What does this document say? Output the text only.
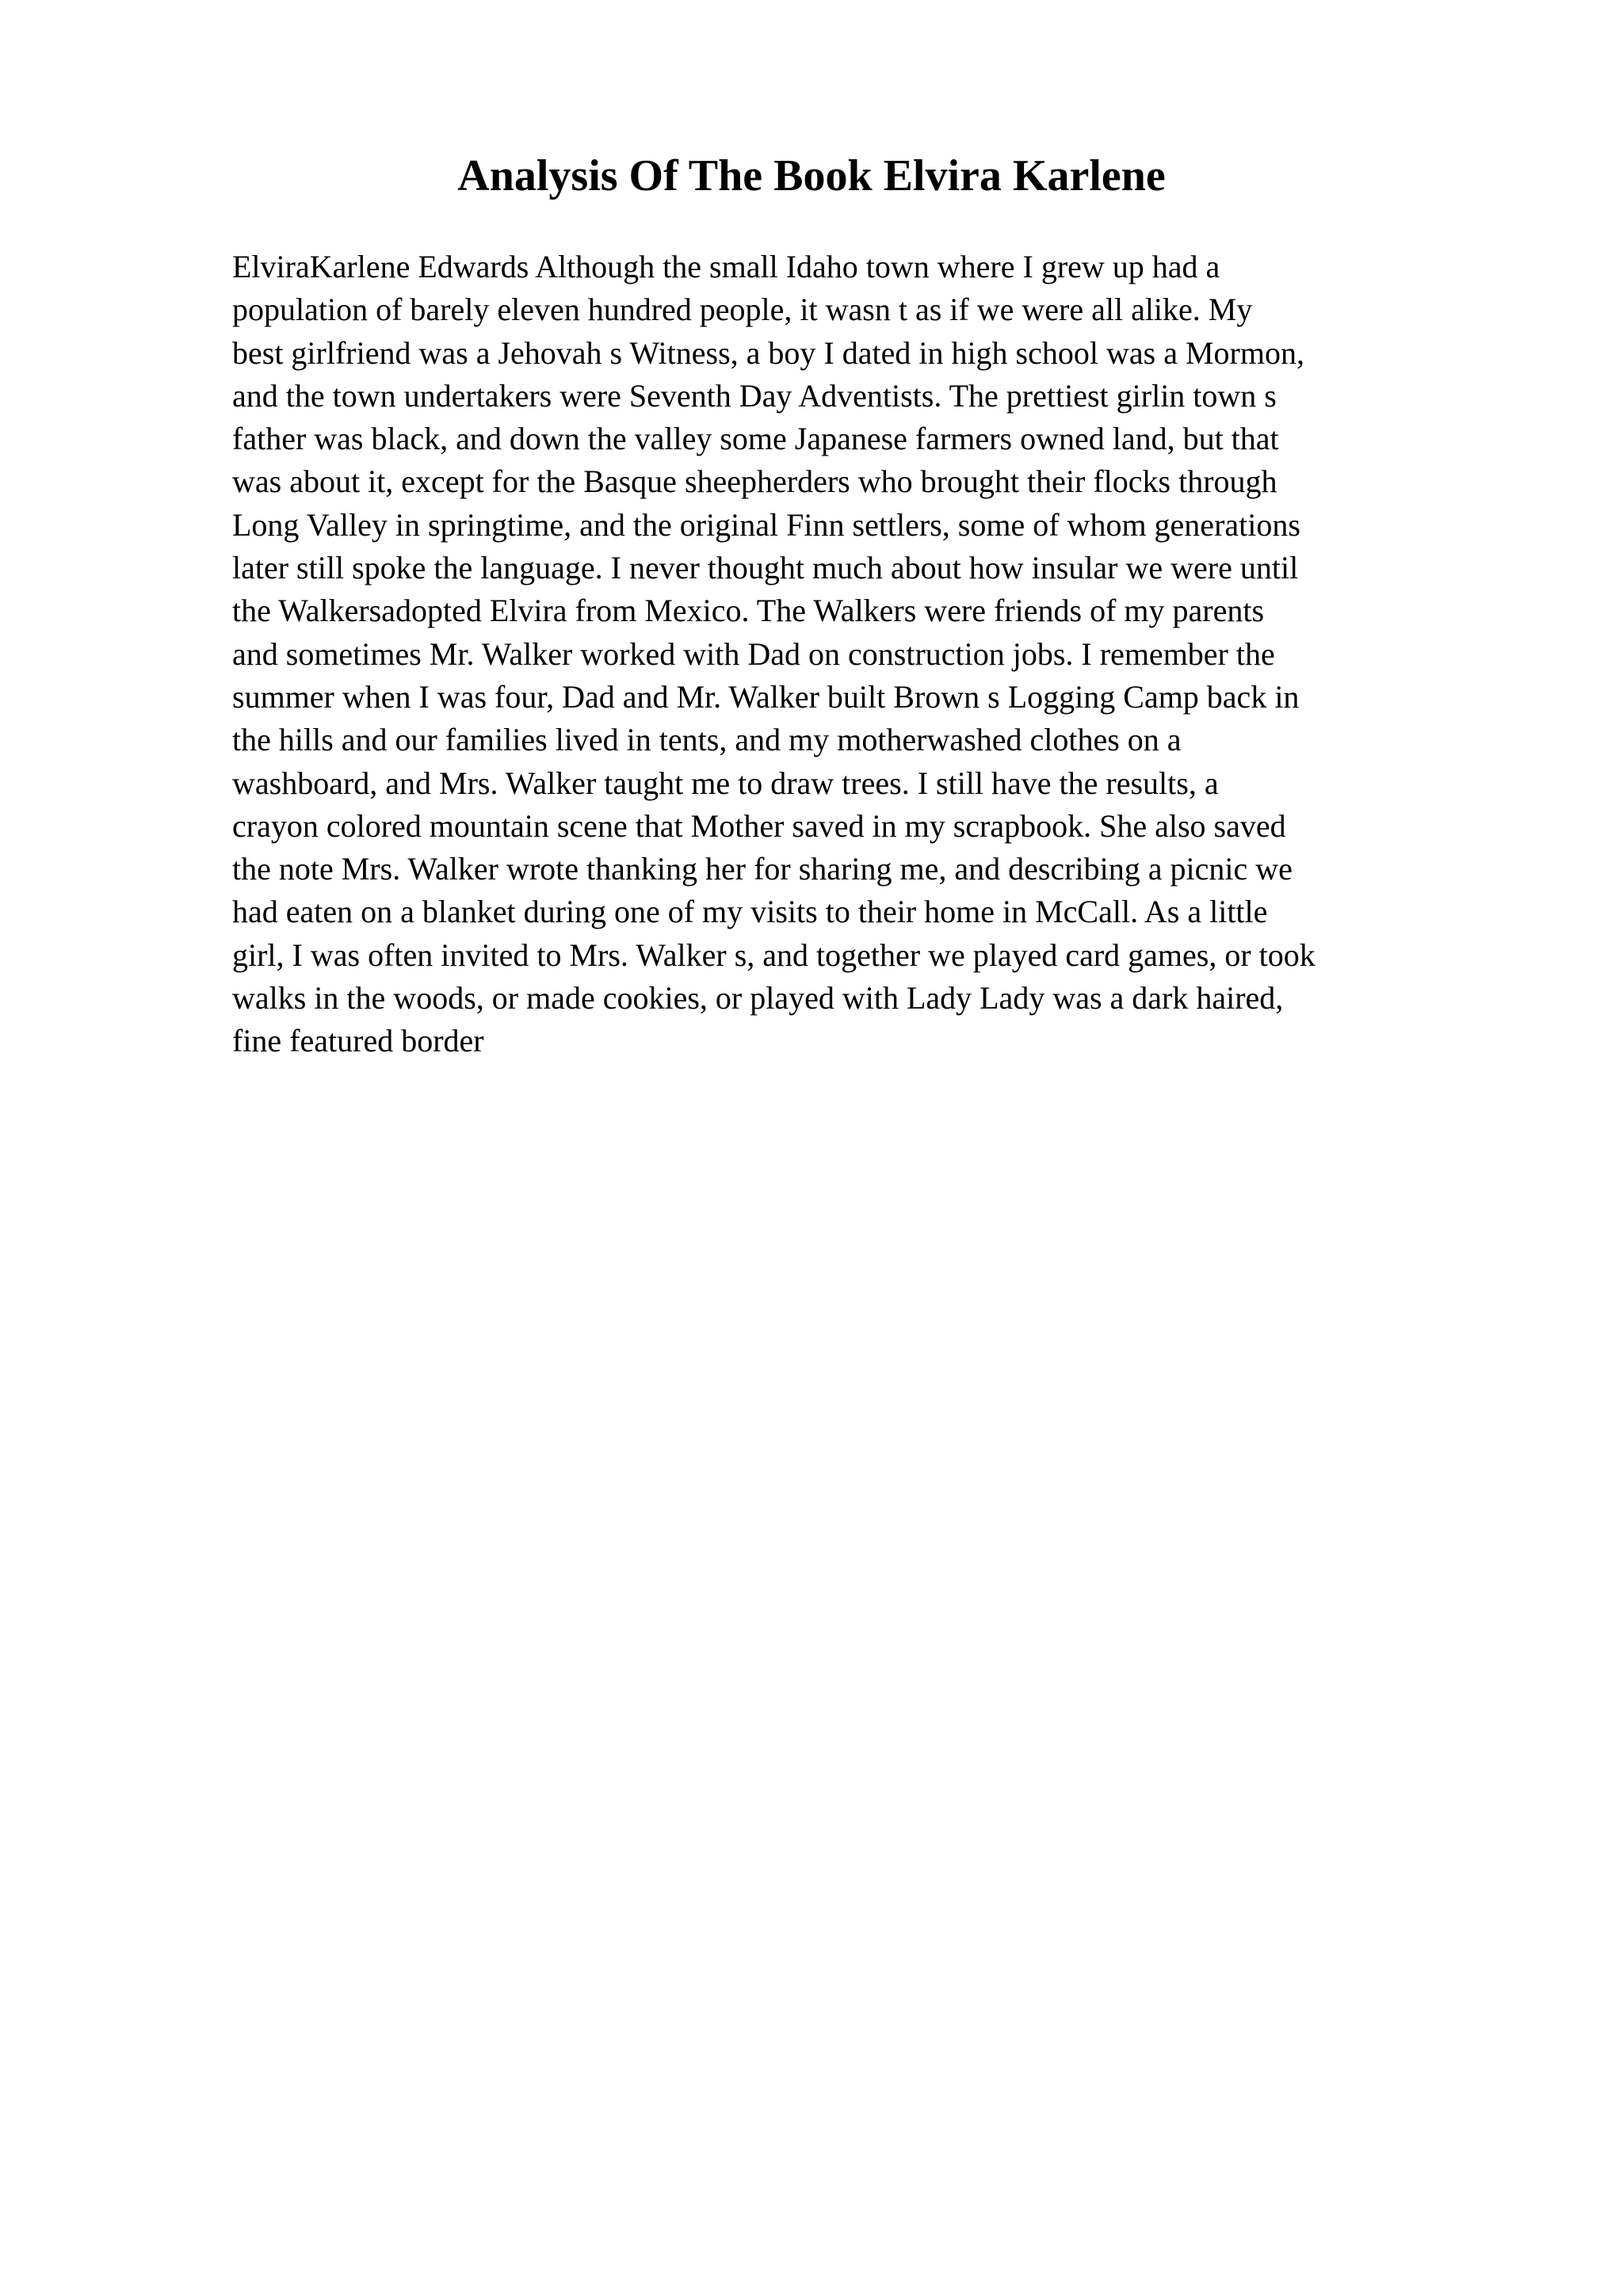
Analysis Of The Book Elvira Karlene
ElviraKarlene Edwards Although the small Idaho town where I grew up had a
population of barely eleven hundred people, it wasn t as if we were all alike. My
best girlfriend was a Jehovah s Witness, a boy I dated in high school was a Mormon,
and the town undertakers were Seventh Day Adventists. The prettiest girlin town s
father was black, and down the valley some Japanese farmers owned land, but that
was about it, except for the Basque sheepherders who brought their flocks through
Long Valley in springtime, and the original Finn settlers, some of whom generations
later still spoke the language. I never thought much about how insular we were until
the Walkersadopted Elvira from Mexico. The Walkers were friends of my parents
and sometimes Mr. Walker worked with Dad on construction jobs. I remember the
summer when I was four, Dad and Mr. Walker built Brown s Logging Camp back in
the hills and our families lived in tents, and my motherwashed clothes on a
washboard, and Mrs. Walker taught me to draw trees. I still have the results, a
crayon colored mountain scene that Mother saved in my scrapbook. She also saved
the note Mrs. Walker wrote thanking her for sharing me, and describing a picnic we
had eaten on a blanket during one of my visits to their home in McCall. As a little
girl, I was often invited to Mrs. Walker s, and together we played card games, or took
walks in the woods, or made cookies, or played with Lady Lady was a dark haired,
fine featured border
